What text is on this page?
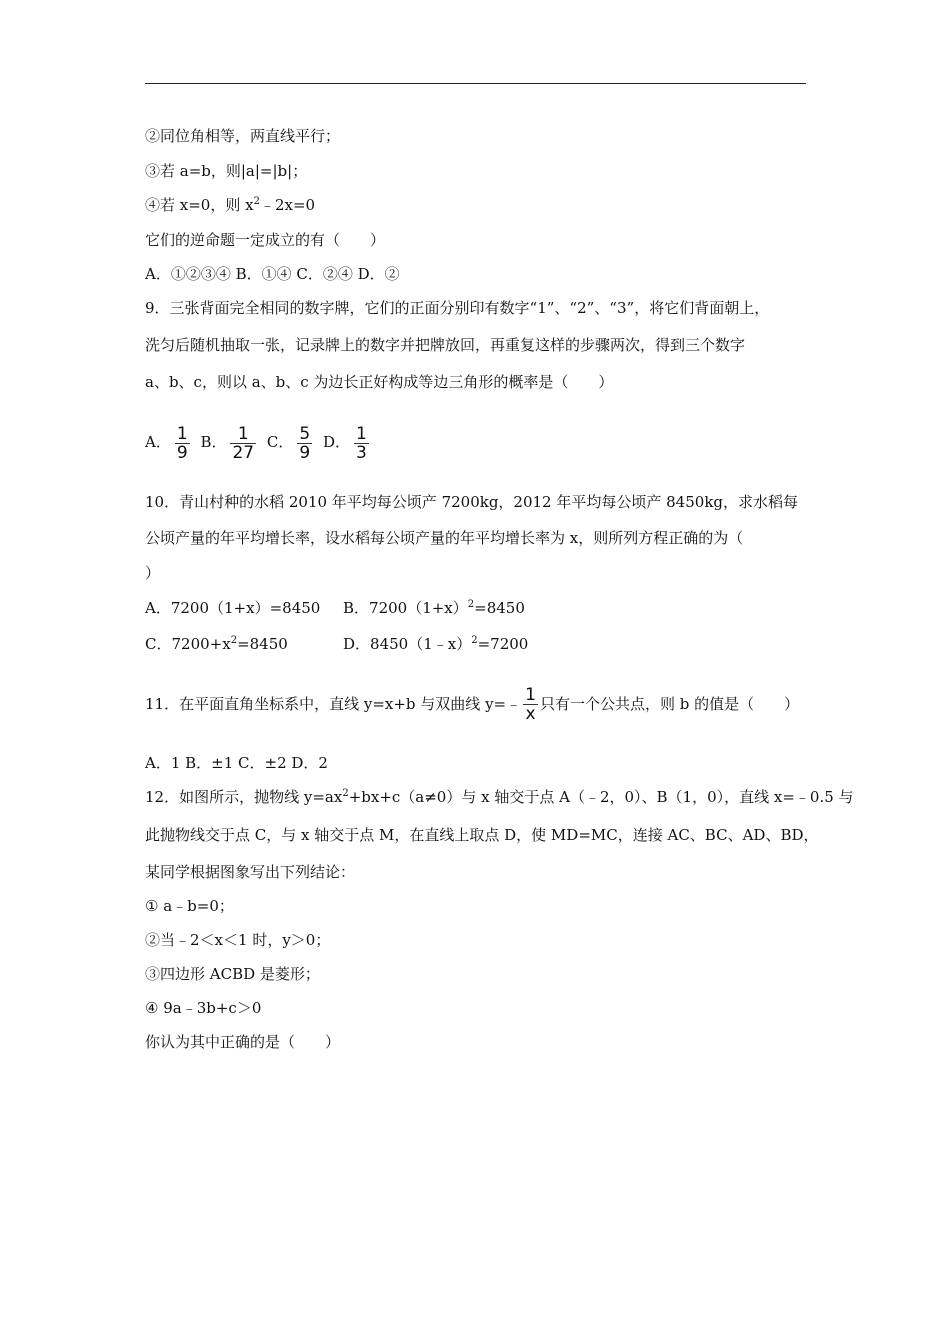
②同位角相等，两直线平行；
③若 a=b，则|a|=|b|；
④若 x=0，则 $x^2﹣2x=0$
它们的逆命题一定成立的有（　　）
A．①②③④ B．①④ C．②④ D．②
9．三张背面完全相同的数字牌，它们的正面分别印有数字“1”、“2”、“3”，将它们背面朝上，
洗匀后随机抽取一张，记录牌上的数字并把牌放回，再重复这样的步骤两次，得到三个数字
a、b、c，则以 a、b、c 为边长正好构成等边三角形的概率是（　　）
A． $\frac{1}{9}$ B． $\frac{1}{27}$ C． $\frac{5}{9}$ D． $\frac{1}{3}$
10．青山村种的水稻 2010 年平均每公顷产 7200kg，2012 年平均每公顷产 8450kg，求水稻每
公顷产量的年平均增长率，设水稻每公顷产量的年平均增长率为 x，则所列方程正确的为（
）
A．7200（1+x）=8450 B．$7200(1+x)^2=8450$
C．$7200+x^2=8450$	D．8450（1﹣x）$^2$=7200
11．在平面直角坐标系中，直线 y=x+b 与双曲线 y=﹣ $\frac{1}{x}$ 只有一个公共点，则 b 的值是（　　）
A．1 B．±1 C．±2 D．2
12．如图所示，抛物线 $y=ax^2+bx+c(a\ne 0)$与 x 轴交于点 A（﹣2，0）、B（1，0），直线 x=﹣0.5 与
此抛物线交于点 C，与 x 轴交于点 M，在直线上取点 D，使 MD=MC，连接 AC、BC、AD、BD，
某同学根据图象写出下列结论：
① a﹣b=0；
②当﹣2＜x＜1 时，y＞0；
③四边形 ACBD 是菱形；
④ 9a﹣3b+c＞0
你认为其中正确的是（　　）
